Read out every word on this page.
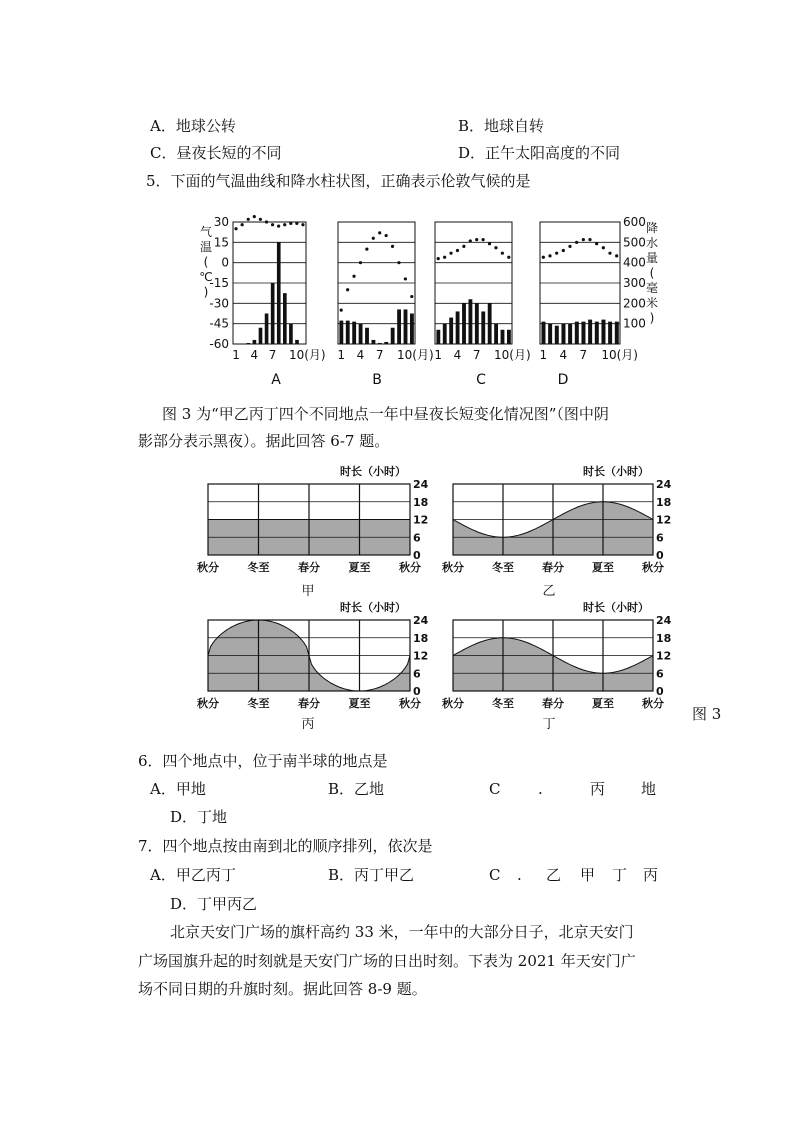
A．地球公转	B．地球自转
C．昼夜长短的不同	D．正午太阳高度的不同
5．下面的气温曲线和降水柱状图，正确表示伦敦气候的是
气
温
(
℃
)
30
15
0
-15
-30
-45
-60
降
水
量
(
毫
米
)
600
500
400
300
200
100
1 4 7 10(月)
A
1 4 7 10(月)
B
1 4 7 10(月)
C
1 4 7 10(月)
D
图 3 为“甲乙丙丁四个不同地点一年中昼夜长短变化情况图”（图中阴
影部分表示黑夜）。据此回答 6-7 题。
时长（小时）
24
18
12
6
0
秋分	冬至	春分	夏至	秋分
甲
时长（小时）
24
18
12
6
0
秋分	冬至	春分	夏至	秋分
乙
时长（小时）
24
18
12
6
0
秋分	冬至	春分	夏至	秋分
丙
时长（小时）
24
18
12
6
0
秋分	冬至	春分	夏至	秋分
丁
图 3
6．四个地点中，位于南半球的地点是
A．甲地	B．乙地	C	.	丙 地
D．丁地
7．四个地点按由南到北的顺序排列，依次是
A．甲乙丙丁	B．丙丁甲乙	C . 乙 甲 丁 丙
D．丁甲丙乙
北京天安门广场的旗杆高约 33 米，一年中的大部分日子，北京天安门
广场国旗升起的时刻就是天安门广场的日出时刻。下表为 2021 年天安门广
场不同日期的升旗时刻。据此回答 8-9 题。
